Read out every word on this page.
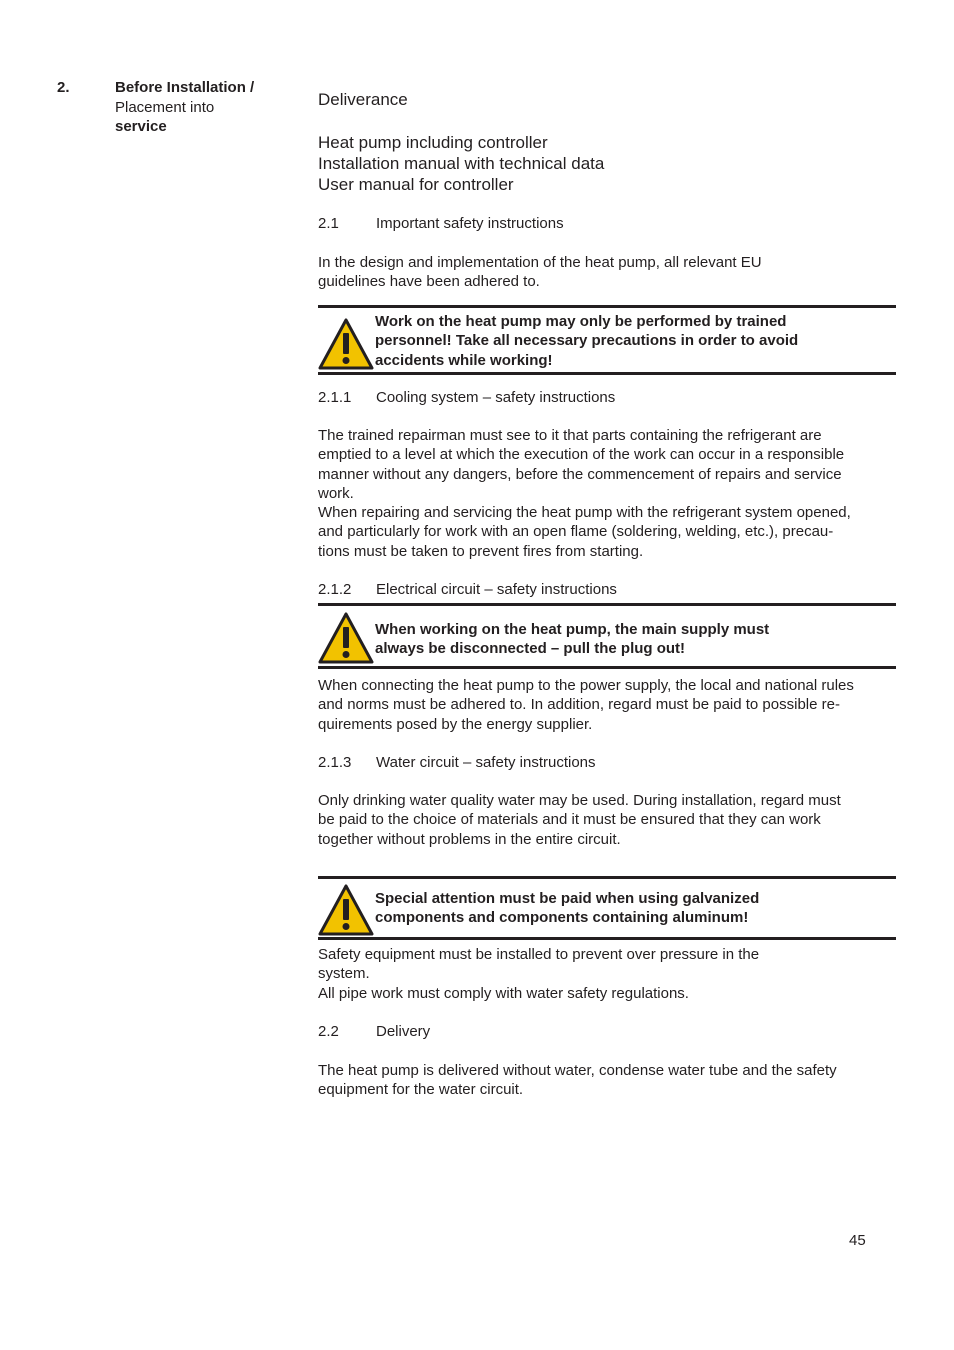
2.	Before Installation /
Placement into
service
Deliverance
Heat pump including controller
Installation manual with technical data
User manual for controller
2.1 Important safety instructions
In the design and implementation of the heat pump, all relevant EU
guidelines have been adhered to.
Work on the heat pump may only be performed by trained
personnel! Take all necessary precautions in order to avoid
accidents while working!
2.1.1 Cooling system – safety instructions
The trained repairman must see to it that parts containing the refrigerant are
emptied to a level at which the execution of the work can occur in a responsible
manner without any dangers, before the commencement of repairs and service
work.
When repairing and servicing the heat pump with the refrigerant system opened,
and particularly for work with an open flame (soldering, welding, etc.), precau-
tions must be taken to prevent fires from starting.
2.1.2 Electrical circuit – safety instructions
When working on the heat pump, the main supply must
always be disconnected – pull the plug out!
When connecting the heat pump to the power supply, the local and national rules
and norms must be adhered to. In addition, regard must be paid to possible re-
quirements posed by the energy supplier.
2.1.3 Water circuit – safety instructions
Only drinking water quality water may be used. During installation, regard must
be paid to the choice of materials and it must be ensured that they can work
together without problems in the entire circuit.
Special attention must be paid when using galvanized
components and components containing aluminum!
Safety equipment must be installed to prevent over pressure in the
system.
All pipe work must comply with water safety regulations.
2.2 Delivery
The heat pump is delivered without water, condense water tube and the safety
equipment for the water circuit.
45
